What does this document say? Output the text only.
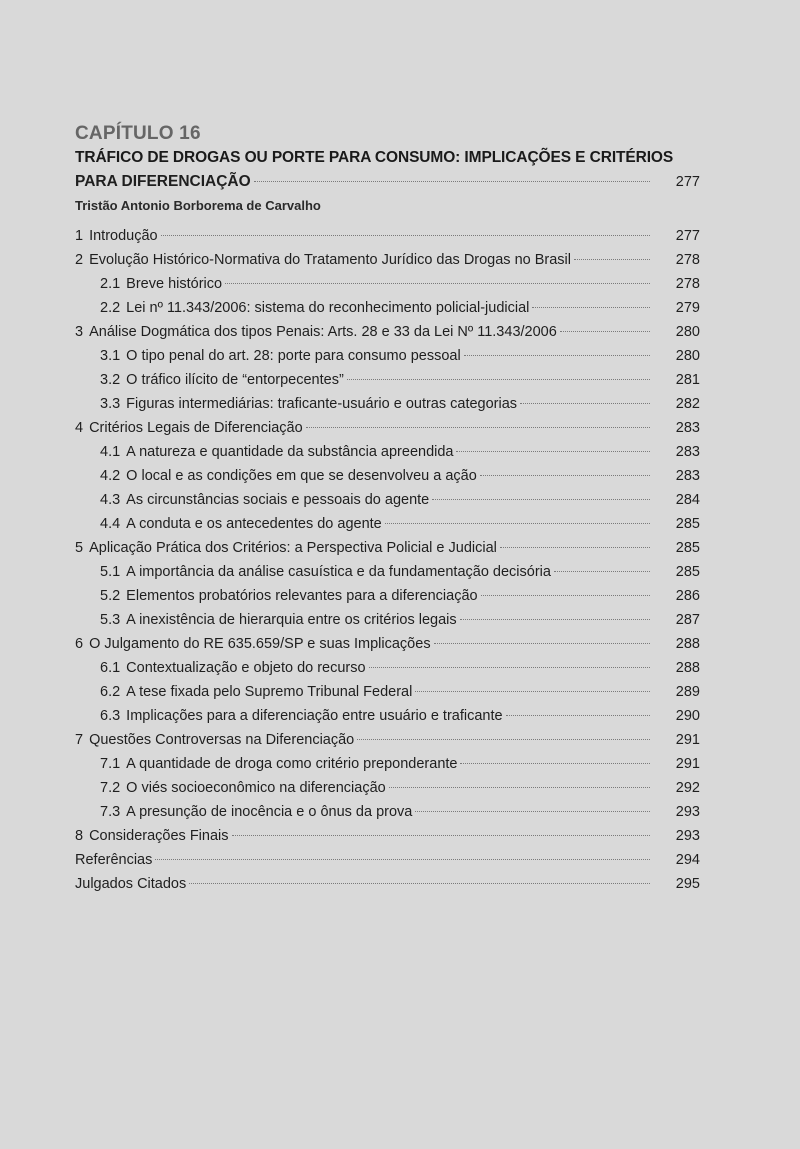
CAPÍTULO 16
TRÁFICO DE DROGAS OU PORTE PARA CONSUMO: IMPLICAÇÕES E CRITÉRIOS
PARA DIFERENCIAÇÃO	277
Tristão Antonio Borborema de Carvalho
1 Introdução	277
2 Evolução Histórico-Normativa do Tratamento Jurídico das Drogas no Brasil	278
2.1 Breve histórico	278
2.2 Lei nº 11.343/2006: sistema do reconhecimento policial-judicial	279
3 Análise Dogmática dos tipos Penais: Arts. 28 e 33 da Lei Nº 11.343/2006	280
3.1 O tipo penal do art. 28: porte para consumo pessoal	280
3.2 O tráfico ilícito de “entorpecentes”	281
3.3 Figuras intermediárias: traficante-usuário e outras categorias	282
4 Critérios Legais de Diferenciação	283
4.1 A natureza e quantidade da substância apreendida	283
4.2 O local e as condições em que se desenvolveu a ação	283
4.3 As circunstâncias sociais e pessoais do agente	284
4.4 A conduta e os antecedentes do agente	285
5 Aplicação Prática dos Critérios: a Perspectiva Policial e Judicial	285
5.1 A importância da análise casuística e da fundamentação decisória	285
5.2 Elementos probatórios relevantes para a diferenciação	286
5.3 A inexistência de hierarquia entre os critérios legais	287
6 O Julgamento do RE 635.659/SP e suas Implicações	288
6.1 Contextualização e objeto do recurso	288
6.2 A tese fixada pelo Supremo Tribunal Federal	289
6.3 Implicações para a diferenciação entre usuário e traficante	290
7 Questões Controversas na Diferenciação	291
7.1 A quantidade de droga como critério preponderante	291
7.2 O viés socioeconômico na diferenciação	292
7.3 A presunção de inocência e o ônus da prova	293
8 Considerações Finais	293
Referências	294
Julgados Citados	295
